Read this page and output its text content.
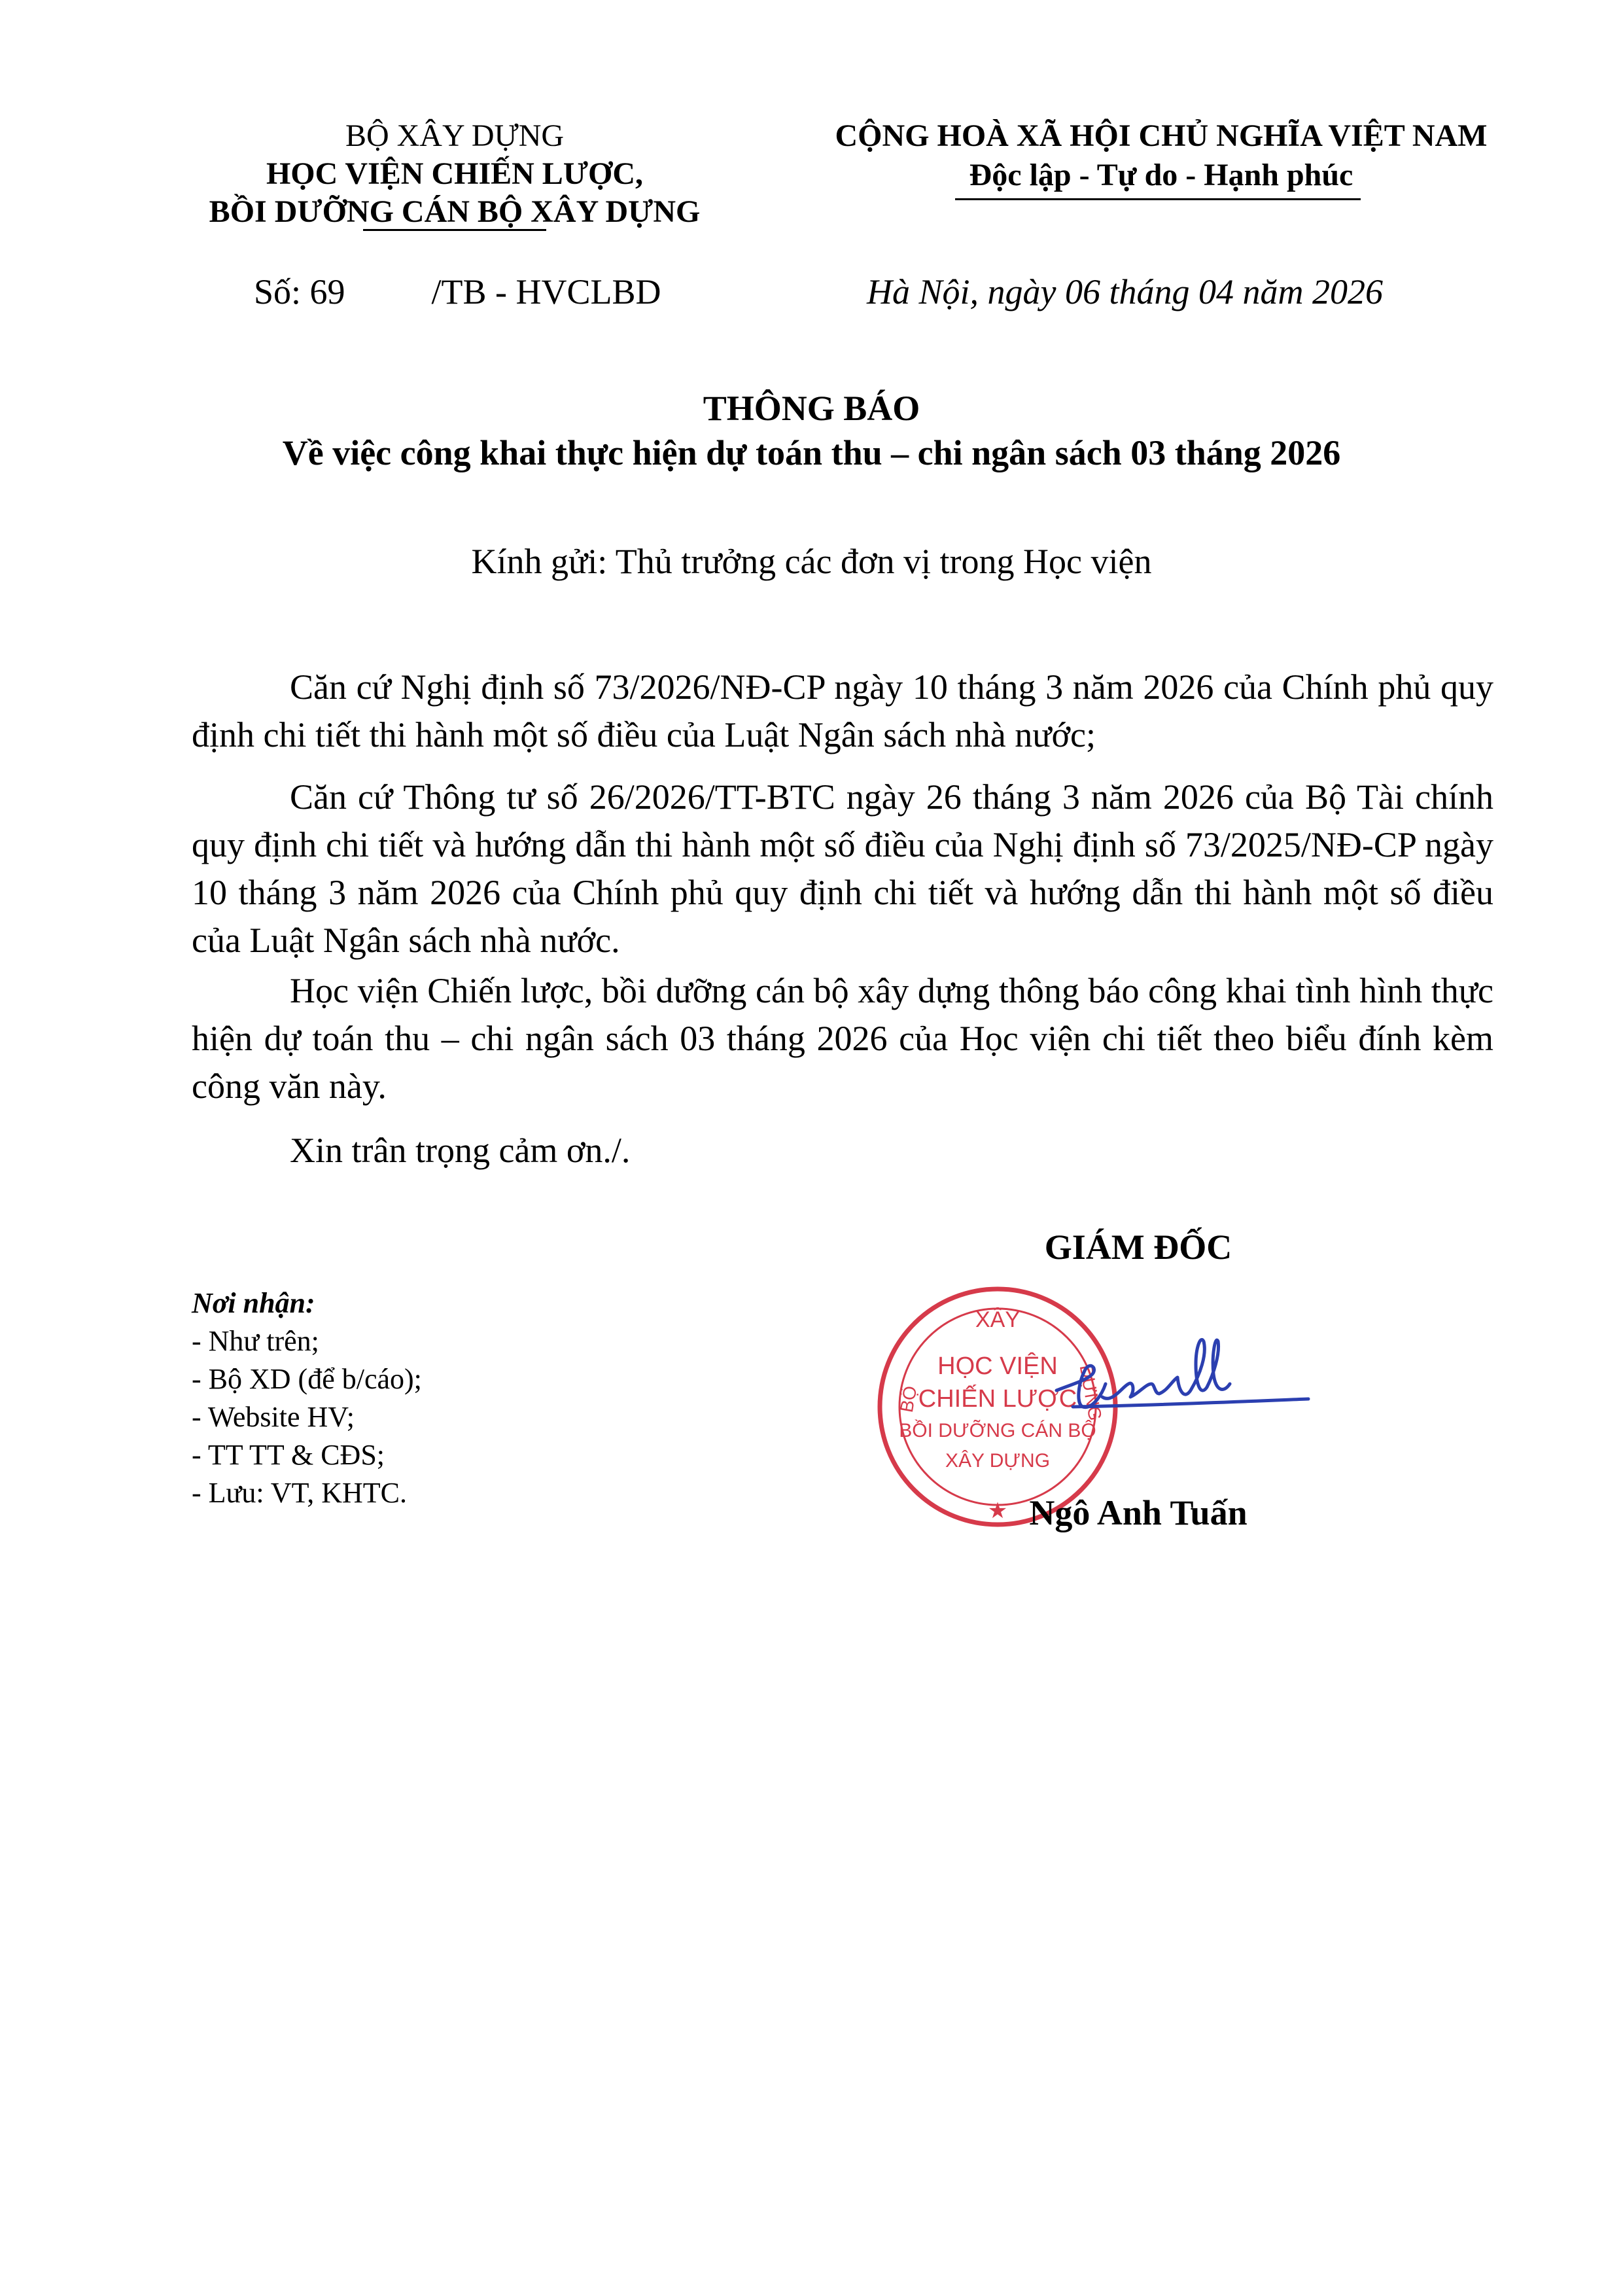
BỘ XÂY DỰNG
HỌC VIỆN CHIẾN LƯỢC,
BỒI DƯỠNG CÁN BỘ XÂY DỰNG
CỘNG HOÀ XÃ HỘI CHỦ NGHĨA VIỆT NAM
Độc lập - Tự do - Hạnh phúc
Số: 69 /TB - HVCLBD	Hà Nội, ngày 06 tháng 04 năm 2026
THÔNG BÁO
Về việc công khai thực hiện dự toán thu – chi ngân sách 03 tháng 2026
Kính gửi: Thủ trưởng các đơn vị trong Học viện
Căn cứ Nghị định số 73/2026/NĐ-CP ngày 10 tháng 3 năm 2026 của Chính phủ quy định chi tiết thi hành một số điều của Luật Ngân sách nhà nước;
Căn cứ Thông tư số 26/2026/TT-BTC ngày 26 tháng 3 năm 2026 của Bộ Tài chính quy định chi tiết và hướng dẫn thi hành một số điều của Nghị định số 73/2025/NĐ-CP ngày 10 tháng 3 năm 2026 của Chính phủ quy định chi tiết và hướng dẫn thi hành một số điều của Luật Ngân sách nhà nước.
Học viện Chiến lược, bồi dưỡng cán bộ xây dựng thông báo công khai tình hình thực hiện dự toán thu – chi ngân sách 03 tháng 2026 của Học viện chi tiết theo biểu đính kèm công văn này.
Xin trân trọng cảm ơn./.
Nơi nhận:
- Như trên;
- Bộ XD (để b/cáo);
- Website HV;
- TT TT & CĐS;
- Lưu: VT, KHTC.
GIÁM ĐỐC
XÂY
BỘ	DỰNG
HỌC VIỆN
CHIẾN LƯỢC
BỒI DƯỠNG CÁN BỘ
XÂY DỰNG
★ Ngô Anh Tuấn
